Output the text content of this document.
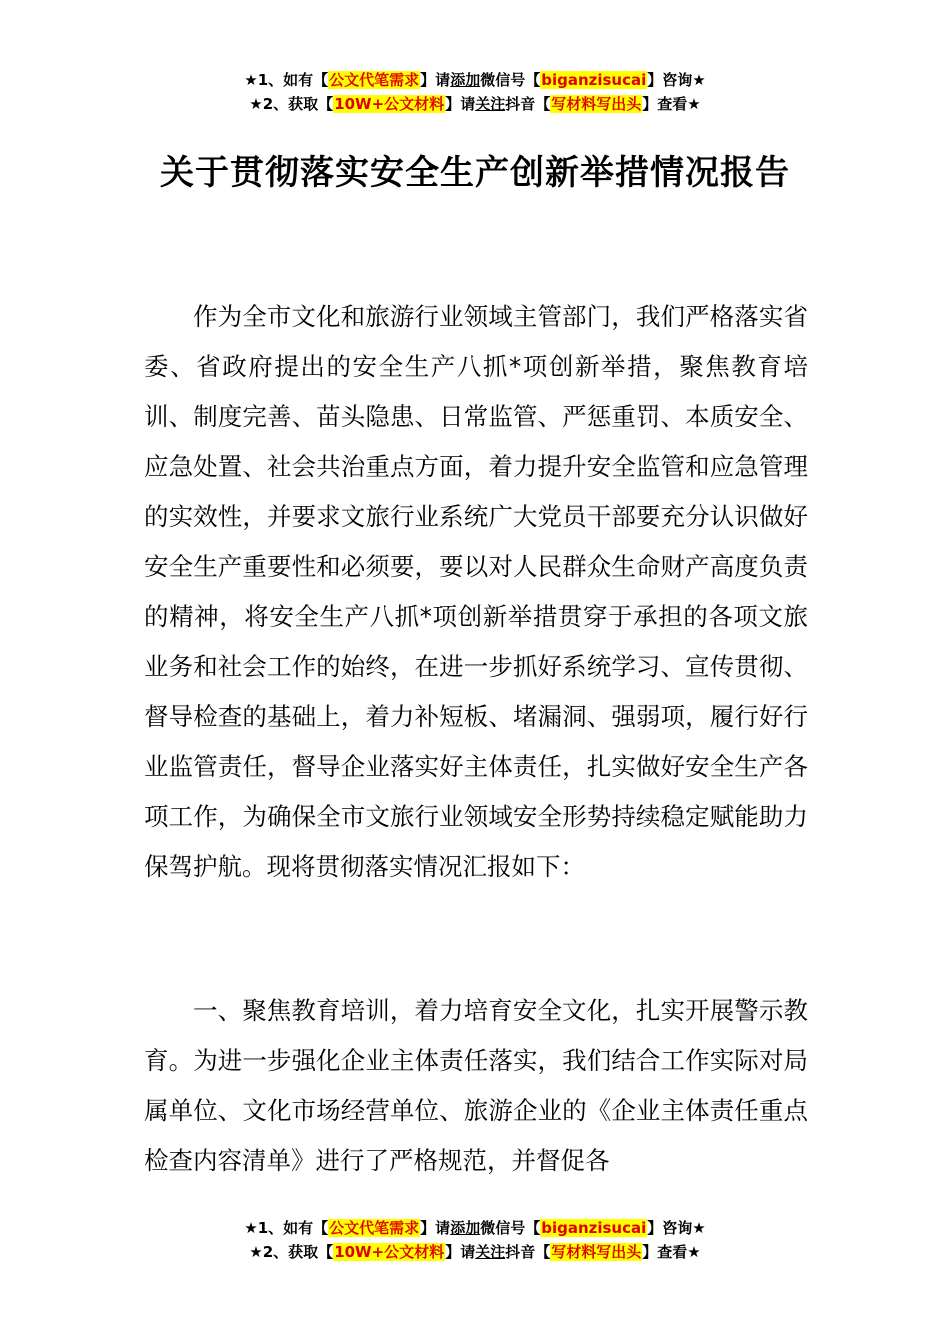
★1、如有【公文代笔需求】请添加微信号【biganzisucai】咨询★
★2、获取【10W+公文材料】请关注抖音【写材料写出头】查看★
关于贯彻落实安全生产创新举措情况报告

作为全市文化和旅游行业领域主管部门，我们严格落实省委、省政府提出的安全生产八抓*项创新举措，聚焦教育培训、制度完善、苗头隐患、日常监管、严惩重罚、本质安全、应急处置、社会共治重点方面，着力提升安全监管和应急管理的实效性，并要求文旅行业系统广大党员干部要充分认识做好安全生产重要性和必须要，要以对人民群众生命财产高度负责的精神，将安全生产八抓*项创新举措贯穿于承担的各项文旅业务和社会工作的始终，在进一步抓好系统学习、宣传贯彻、督导检查的基础上，着力补短板、堵漏洞、强弱项，履行好行业监管责任，督导企业落实好主体责任，扎实做好安全生产各项工作，为确保全市文旅行业领域安全形势持续稳定赋能助力保驾护航。现将贯彻落实情况汇报如下：

一、聚焦教育培训，着力培育安全文化，扎实开展警示教育。为进一步强化企业主体责任落实，我们结合工作实际对局属单位、文化市场经营单位、旅游企业的《企业主体责任重点检查内容清单》进行了严格规范，并督促各

★1、如有【公文代笔需求】请添加微信号【biganzisucai】咨询★
★2、获取【10W+公文材料】请关注抖音【写材料写出头】查看★
